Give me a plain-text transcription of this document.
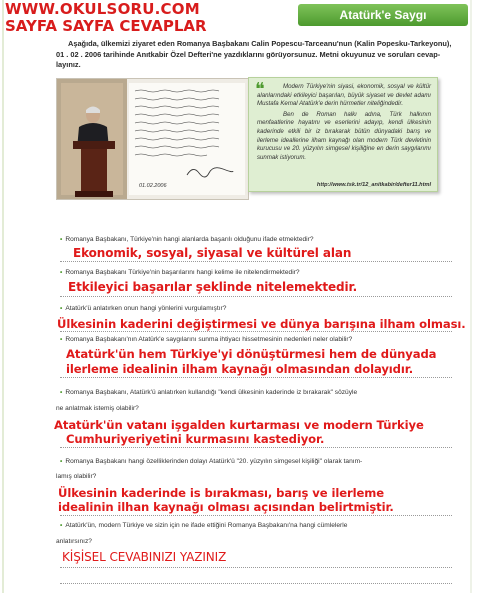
WWW.OKULSORU.COM
SAYFA SAYFA CEVAPLAR
Atatürk'e Saygı
Aşağıda, ülkemizi ziyaret eden Romanya Başbakanı Calin Popescu-Tarceanu'nun (Kalin Popesku-Tarkeyonu),
01 . 02 . 2006 tarihinde Anıtkabir Özel Defteri'ne yazdıklarını görüyorsunuz. Metni okuyunuz ve soruları cevap-
layınız.
01.02.2006
❝	Modern Türkiye'nin siyasi, ekonomik, sosyal ve kültür alanlarındaki etkileyici başarıları, büyük siyaset ve devlet adamı Mustafa Kemal Atatürk'e derin hürmetler niteliğindedir.

Ben de Roman halkı adına, Türk halkının menfaatlerine hayatını ve eserlerini adayıp, kendi ülkesinin kaderinde etkili bir iz bırakarak bütün dünyadaki barış ve ilerleme ideallerine ilham kaynağı olan modern Türk devletinin kurucusu ve 20. yüzyılın simgesel kişiliğine en derin saygılarımı sunmak istiyorum.

http://www.tsk.tr/12_anitkabir/defter11.html
• Romanya Başbakanı, Türkiye'nin hangi alanlarda başarılı olduğunu ifade etmektedir?
Ekonomik, sosyal, siyasal ve kültürel alan
• Romanya Başbakanı Türkiye'nin başarılarını hangi kelime ile nitelendirmektedir?
Etkileyici başarılar şeklinde nitelemektedir.
• Atatürk'ü anlatırken onun hangi yönlerini vurgulamıştır?
Ülkesinin kaderini değiştirmesi ve dünya barışına ilham olması.
• Romanya Başbakanı'nın Atatürk'e saygılarını sunma ihtiyacı hissetmesinin nedenleri neler olabilir?
Atatürk'ün hem Türkiye'yi dönüştürmesi hem de dünyada
ilerleme idealinin ilham kaynağı olmasından dolayıdır.
• Romanya Başbakanı, Atatürk'ü anlatırken kullandığı "kendi ülkesinin kaderinde iz bırakarak" sözüyle
ne anlatmak istemiş olabilir?
Atatürk'ün vatanı işgalden kurtarması ve modern Türkiye
Cumhuriyeriyetini kurmasını kastediyor.
• Romanya Başbakanı hangi özelliklerinden dolayı Atatürk'ü "20. yüzyılın simgesel kişiliği" olarak tanım-
lamış olabilir?
Ülkesinin kaderinde is bırakması, barış ve ilerleme
idealinin ilhan kaynağı olması açısından belirtmiştir.
• Atatürk'ün, modern Türkiye ve sizin için ne ifade ettiğini Romanya Başbakanı'na hangi cümlelerle
anlatırsınız?
KİŞİSEL CEVABINIZI YAZINIZ
